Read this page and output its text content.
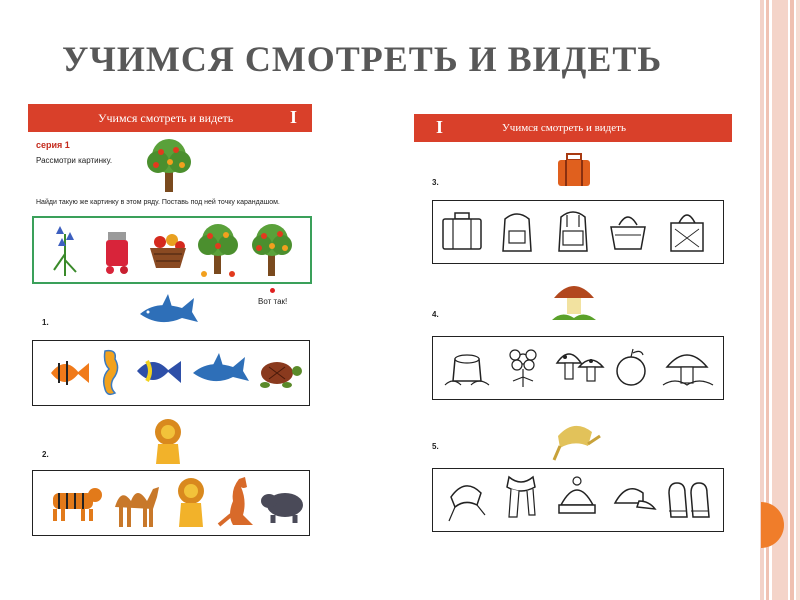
УЧИМСЯ СМОТРЕТЬ И ВИДЕТЬ
Учимся смотреть и видеть	I
серия 1
Рассмотри картинку.
Найди такую же картинку в этом ряду. Поставь под ней точку карандашом.
Вот так!
1.
2.
I	Учимся смотреть и видеть
3.
4.
5.
